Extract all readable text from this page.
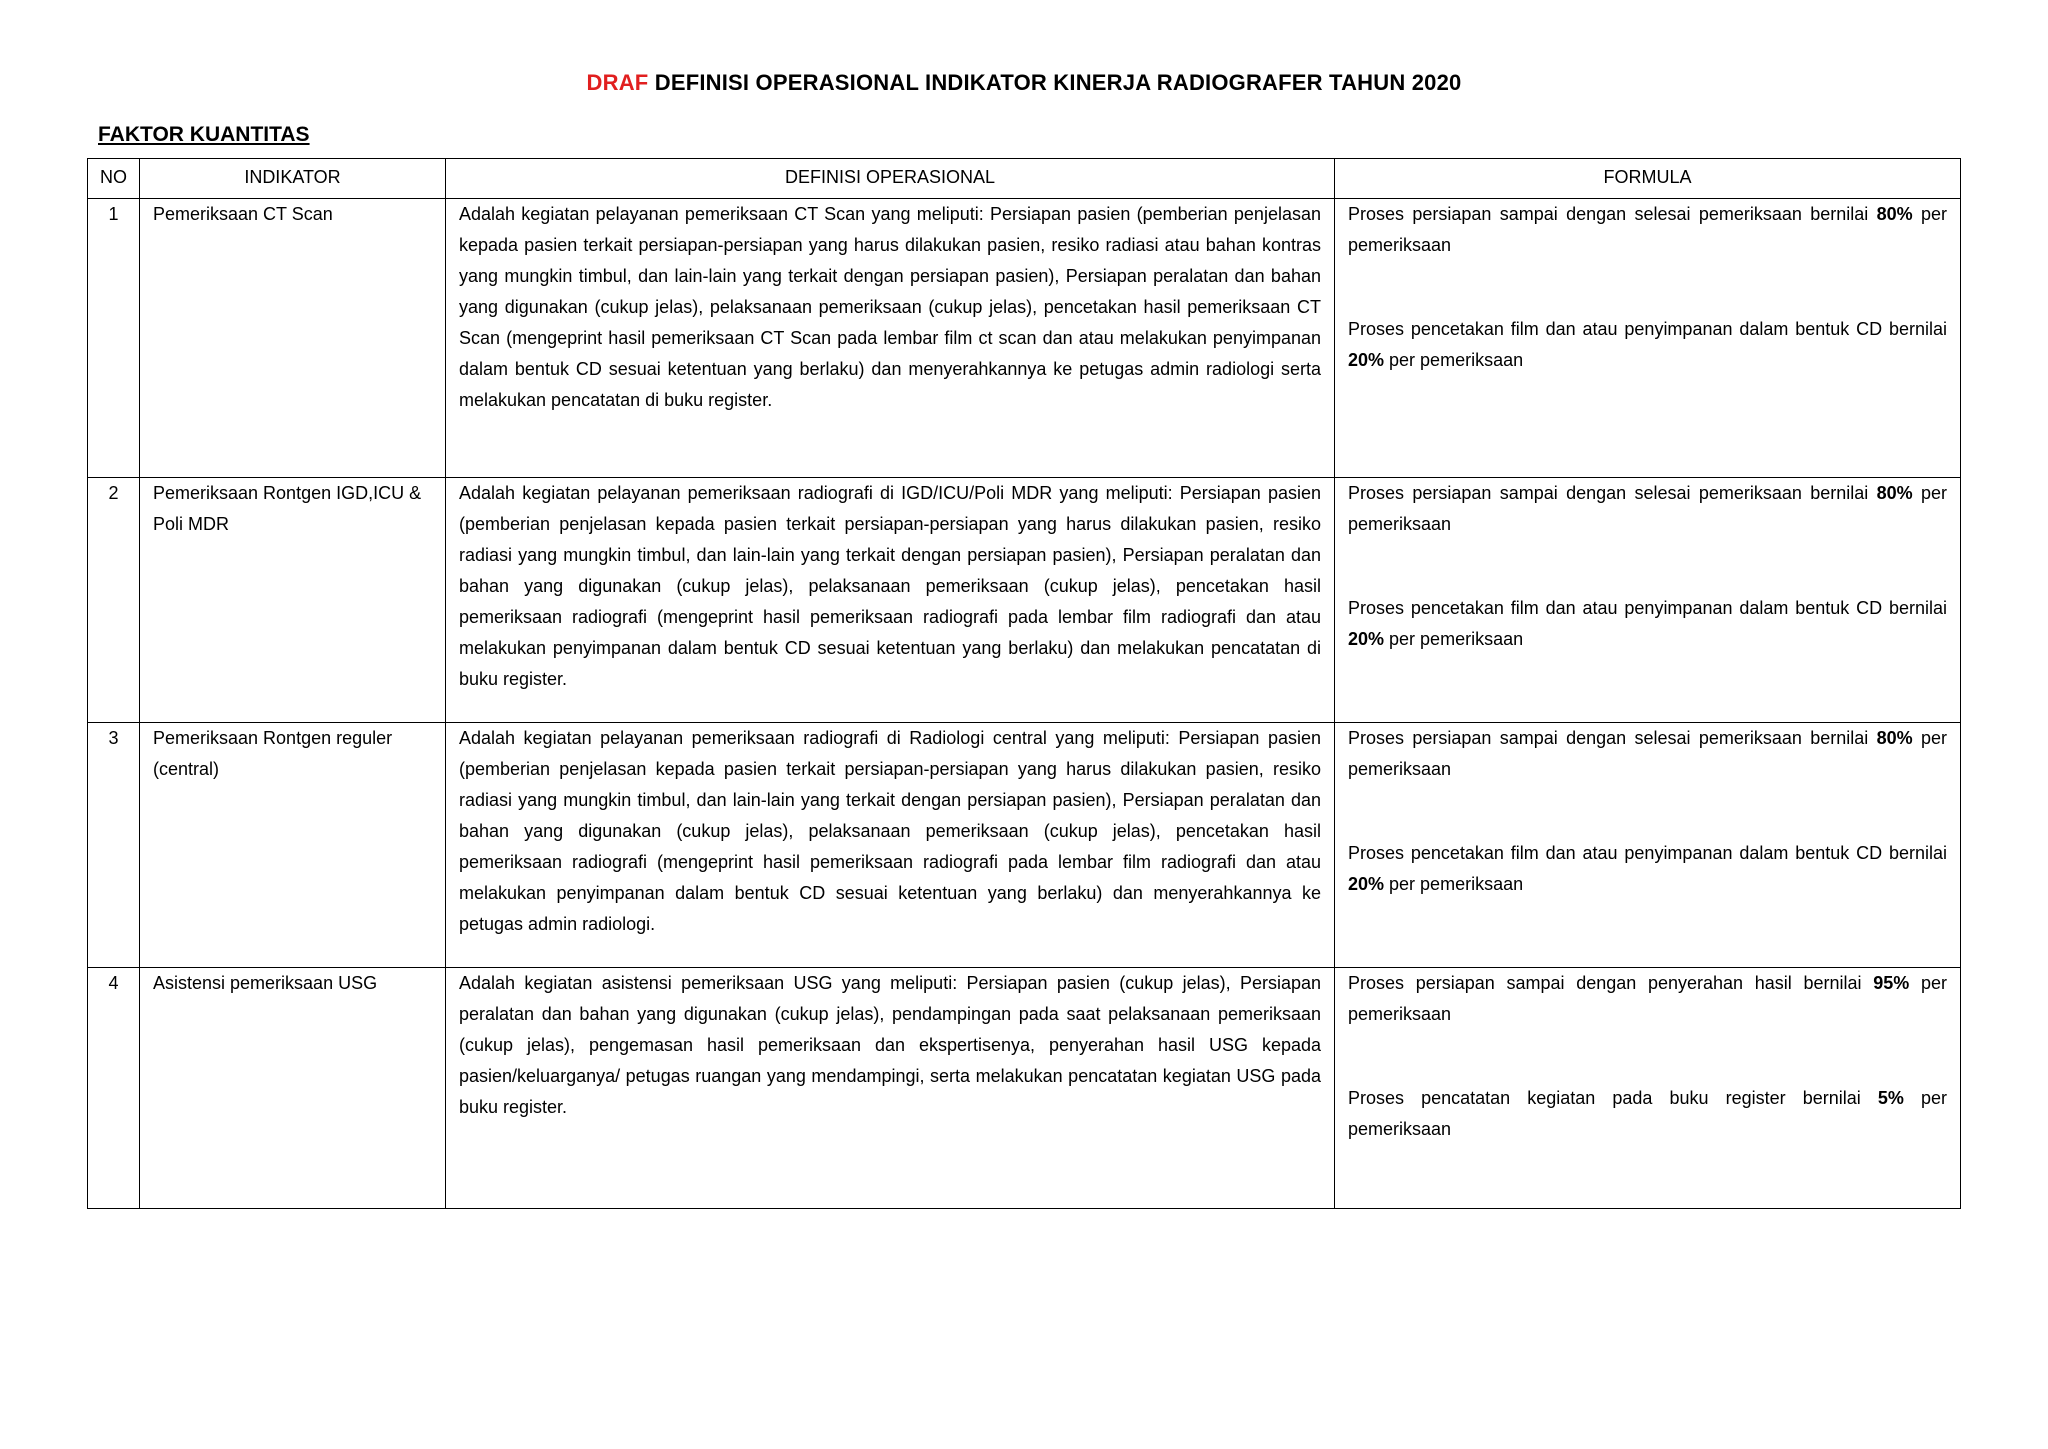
DRAF DEFINISI OPERASIONAL INDIKATOR KINERJA RADIOGRAFER TAHUN 2020
FAKTOR KUANTITAS
NO	INDIKATOR	DEFINISI OPERASIONAL	FORMULA
1	Pemeriksaan CT Scan	Adalah kegiatan pelayanan pemeriksaan CT Scan yang meliputi: Persiapan pasien (pemberian penjelasan kepada pasien terkait persiapan-persiapan yang harus dilakukan pasien, resiko radiasi atau bahan kontras yang mungkin timbul, dan lain-lain yang terkait dengan persiapan pasien), Persiapan peralatan dan bahan yang digunakan (cukup jelas), pelaksanaan pemeriksaan (cukup jelas), pencetakan hasil pemeriksaan CT Scan (mengeprint hasil pemeriksaan CT Scan pada lembar film ct scan dan atau melakukan penyimpanan dalam bentuk CD sesuai ketentuan yang berlaku) dan menyerahkannya ke petugas admin radiologi serta melakukan pencatatan di buku register.	Proses persiapan sampai dengan selesai pemeriksaan bernilai 80% per pemeriksaan
Proses pencetakan film dan atau penyimpanan dalam bentuk CD bernilai 20% per pemeriksaan

2	Pemeriksaan Rontgen IGD,ICU & Poli MDR	Adalah kegiatan pelayanan pemeriksaan radiografi di IGD/ICU/Poli MDR yang meliputi: Persiapan pasien (pemberian penjelasan kepada pasien terkait persiapan-persiapan yang harus dilakukan pasien, resiko radiasi yang mungkin timbul, dan lain-lain yang terkait dengan persiapan pasien), Persiapan peralatan dan bahan yang digunakan (cukup jelas), pelaksanaan pemeriksaan (cukup jelas), pencetakan hasil pemeriksaan radiografi (mengeprint hasil pemeriksaan radiografi pada lembar film radiografi dan atau melakukan penyimpanan dalam bentuk CD sesuai ketentuan yang berlaku) dan melakukan pencatatan di buku register.	Proses persiapan sampai dengan selesai pemeriksaan bernilai 80% per pemeriksaan
Proses pencetakan film dan atau penyimpanan dalam bentuk CD bernilai 20% per pemeriksaan

3	Pemeriksaan Rontgen reguler (central)	Adalah kegiatan pelayanan pemeriksaan radiografi di Radiologi central yang meliputi: Persiapan pasien (pemberian penjelasan kepada pasien terkait persiapan-persiapan yang harus dilakukan pasien, resiko radiasi yang mungkin timbul, dan lain-lain yang terkait dengan persiapan pasien), Persiapan peralatan dan bahan yang digunakan (cukup jelas), pelaksanaan pemeriksaan (cukup jelas), pencetakan hasil pemeriksaan radiografi (mengeprint hasil pemeriksaan radiografi pada lembar film radiografi dan atau melakukan penyimpanan dalam bentuk CD sesuai ketentuan yang berlaku) dan menyerahkannya ke petugas admin radiologi.	Proses persiapan sampai dengan selesai pemeriksaan bernilai 80% per pemeriksaan
Proses pencetakan film dan atau penyimpanan dalam bentuk CD bernilai 20% per pemeriksaan

4	Asistensi pemeriksaan USG	Adalah kegiatan asistensi pemeriksaan USG yang meliputi: Persiapan pasien (cukup jelas), Persiapan peralatan dan bahan yang digunakan (cukup jelas), pendampingan pada saat pelaksanaan pemeriksaan (cukup jelas), pengemasan hasil pemeriksaan dan ekspertisenya, penyerahan hasil USG kepada pasien/keluarganya/ petugas ruangan yang mendampingi, serta melakukan pencatatan kegiatan USG pada buku register.	Proses persiapan sampai dengan penyerahan hasil bernilai 95% per pemeriksaan
Proses pencatatan kegiatan pada buku register bernilai 5% per pemeriksaan
